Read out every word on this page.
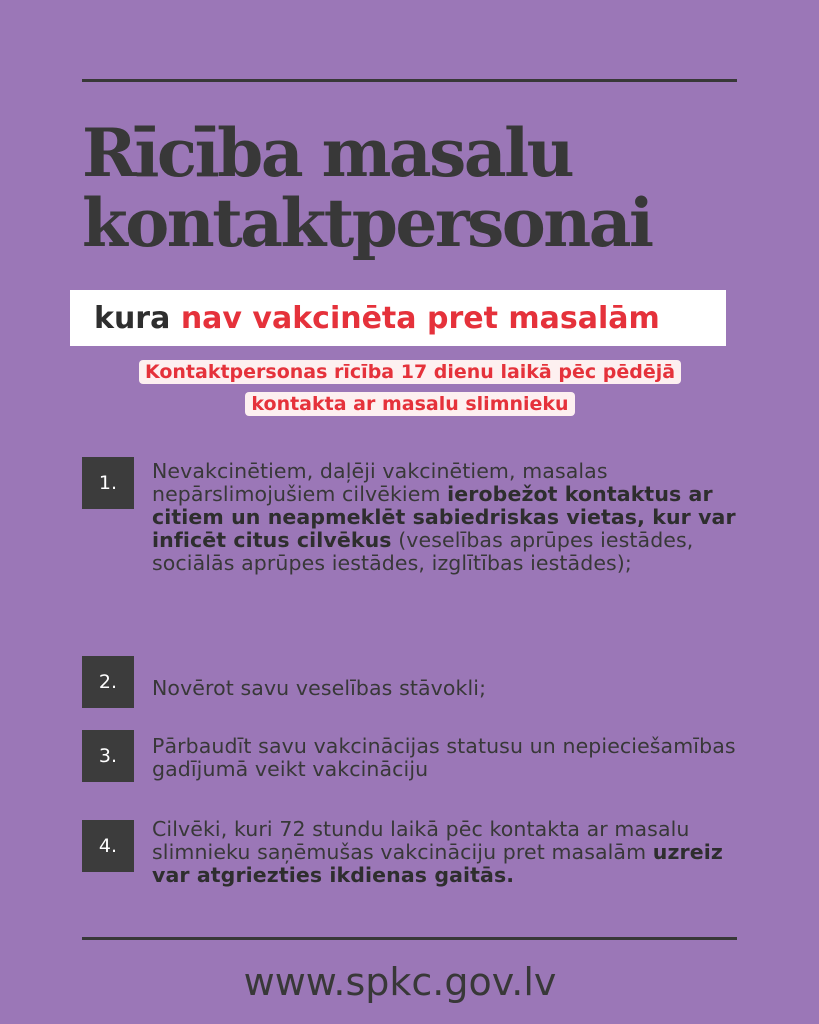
Rīcība masalu
kontaktpersonai
kura
nav vakcinēta pret masalām
Kontaktpersonas rīcība 17 dienu laikā pēc pēdējā
kontakta ar masalu slimnieku
1.	Nevakcinētiem, daļēji vakcinētiem, masalas nepārslimojušiem cilvēkiem ierobežot kontaktus ar citiem un neapmeklēt sabiedriskas vietas, kur var inficēt citus cilvēkus (veselības aprūpes iestādes, sociālās aprūpes iestādes, izglītības iestādes);

2.	Novērot savu veselības stāvokli;

3.	Pārbaudīt savu vakcinācijas statusu un nepieciešamības gadījumā veikt vakcināciju

4.

Cilvēki, kuri 72 stundu laikā pēc kontakta ar masalu slimnieku saņēmušas vakcināciju pret masalām uzreiz var atgriezties ikdienas gaitās.

www.spkc.gov.lv
